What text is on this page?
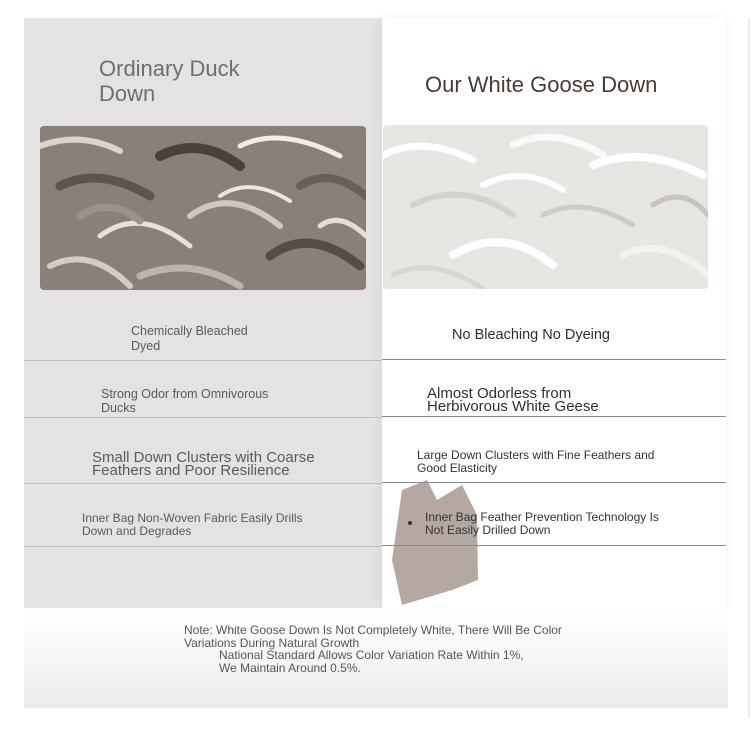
Ordinary Duck Down	Our White Goose Down
Chemically Bleached
Dyed
Strong Odor from Omnivorous
Ducks
Small Down Clusters with Coarse
Feathers and Poor Resilience
Inner Bag Non-Woven Fabric Easily Drills
Down and Degrades
No Bleaching No Dyeing
Almost Odorless from
Herbivorous White Geese
Large Down Clusters with Fine Feathers and
Good Elasticity
Inner Bag Feather Prevention Technology Is
Not Easily Drilled Down
Note: White Goose Down Is Not Completely White, There Will Be Color
Variations During Natural Growth
National Standard Allows Color Variation Rate Within 1%,
We Maintain Around 0.5%.
